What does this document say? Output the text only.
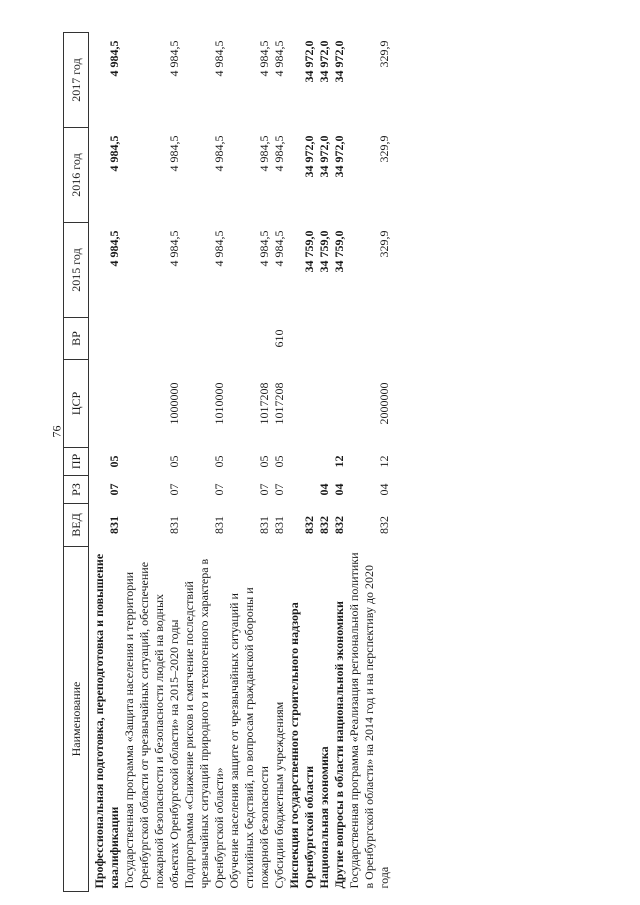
76
Наименование	ВЕД	РЗ	ПР	ЦСР	ВР	2015 год	2016 год	2017 год
Профессиональная подготовка, переподготовка и повышение квалификации	831	07	05			4 984,5	4 984,5	4 984,5
Государственная программа «Защита населения и территории Оренбургской области от чрезвычайных ситуаций, обеспечение пожарной безопасности и безопасности людей на водных объектах Оренбургской области» на 2015–2020 годы	831	07	05	1000000		4 984,5	4 984,5	4 984,5
Подпрограмма «Снижение рисков и смягчение последствий чрезвычайных ситуаций природного и техногенного характера в Оренбургской области»	831	07	05	1010000		4 984,5	4 984,5	4 984,5
Обучение населения защите от чрезвычайных ситуаций и стихийных бедствий, по вопросам гражданской обороны и пожарной безопасности	831	07	05	1017208		4 984,5	4 984,5	4 984,5
Субсидии бюджетным учреждениям	831	07	05	1017208	610	4 984,5	4 984,5	4 984,5
Инспекция государственного строительного надзора Оренбургской области	832					34 759,0	34 972,0	34 972,0
Национальная экономика	832	04				34 759,0	34 972,0	34 972,0
Другие вопросы в области национальной экономики	832	04	12			34 759,0	34 972,0	34 972,0
Государственная программа «Реализация региональной политики в Оренбургской области» на 2014 год и на перспективу до 2020 года	832	04	12	2000000		329,9	329,9	329,9
